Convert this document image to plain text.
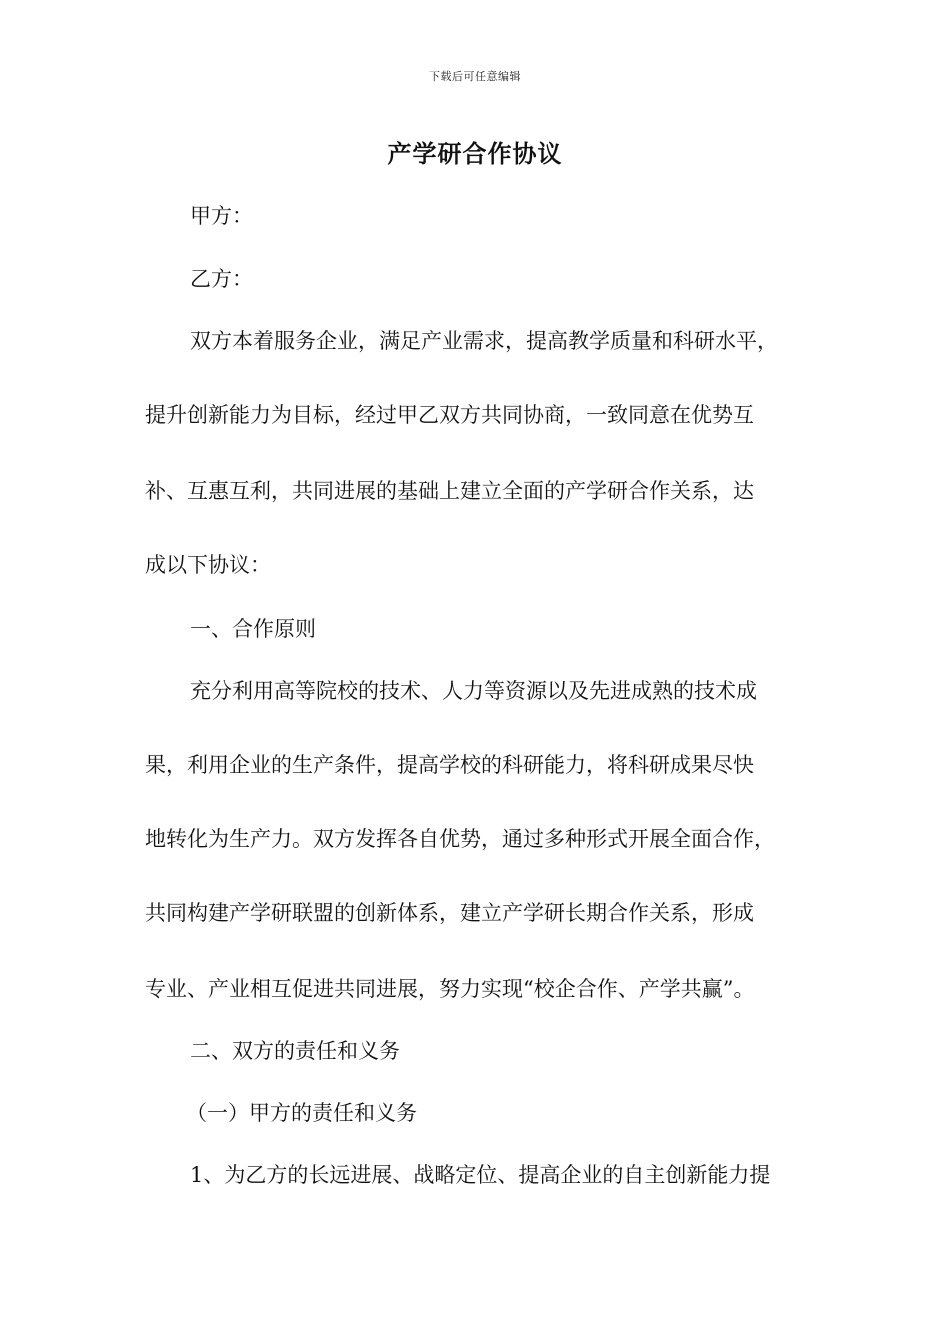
下载后可任意编辑
产学研合作协议
甲方：
乙方：
双方本着服务企业，满足产业需求，提高教学质量和科研水平，
提升创新能力为目标，经过甲乙双方共同协商，一致同意在优势互
补、互惠互利，共同进展的基础上建立全面的产学研合作关系，达
成以下协议：
一、合作原则
充分利用高等院校的技术、人力等资源以及先进成熟的技术成
果，利用企业的生产条件，提高学校的科研能力，将科研成果尽快
地转化为生产力。双方发挥各自优势，通过多种形式开展全面合作，
共同构建产学研联盟的创新体系，建立产学研长期合作关系，形成
专业、产业相互促进共同进展，努力实现“校企合作、产学共赢”。
二、双方的责任和义务
（一）甲方的责任和义务
1、为乙方的长远进展、战略定位、提高企业的自主创新能力提
